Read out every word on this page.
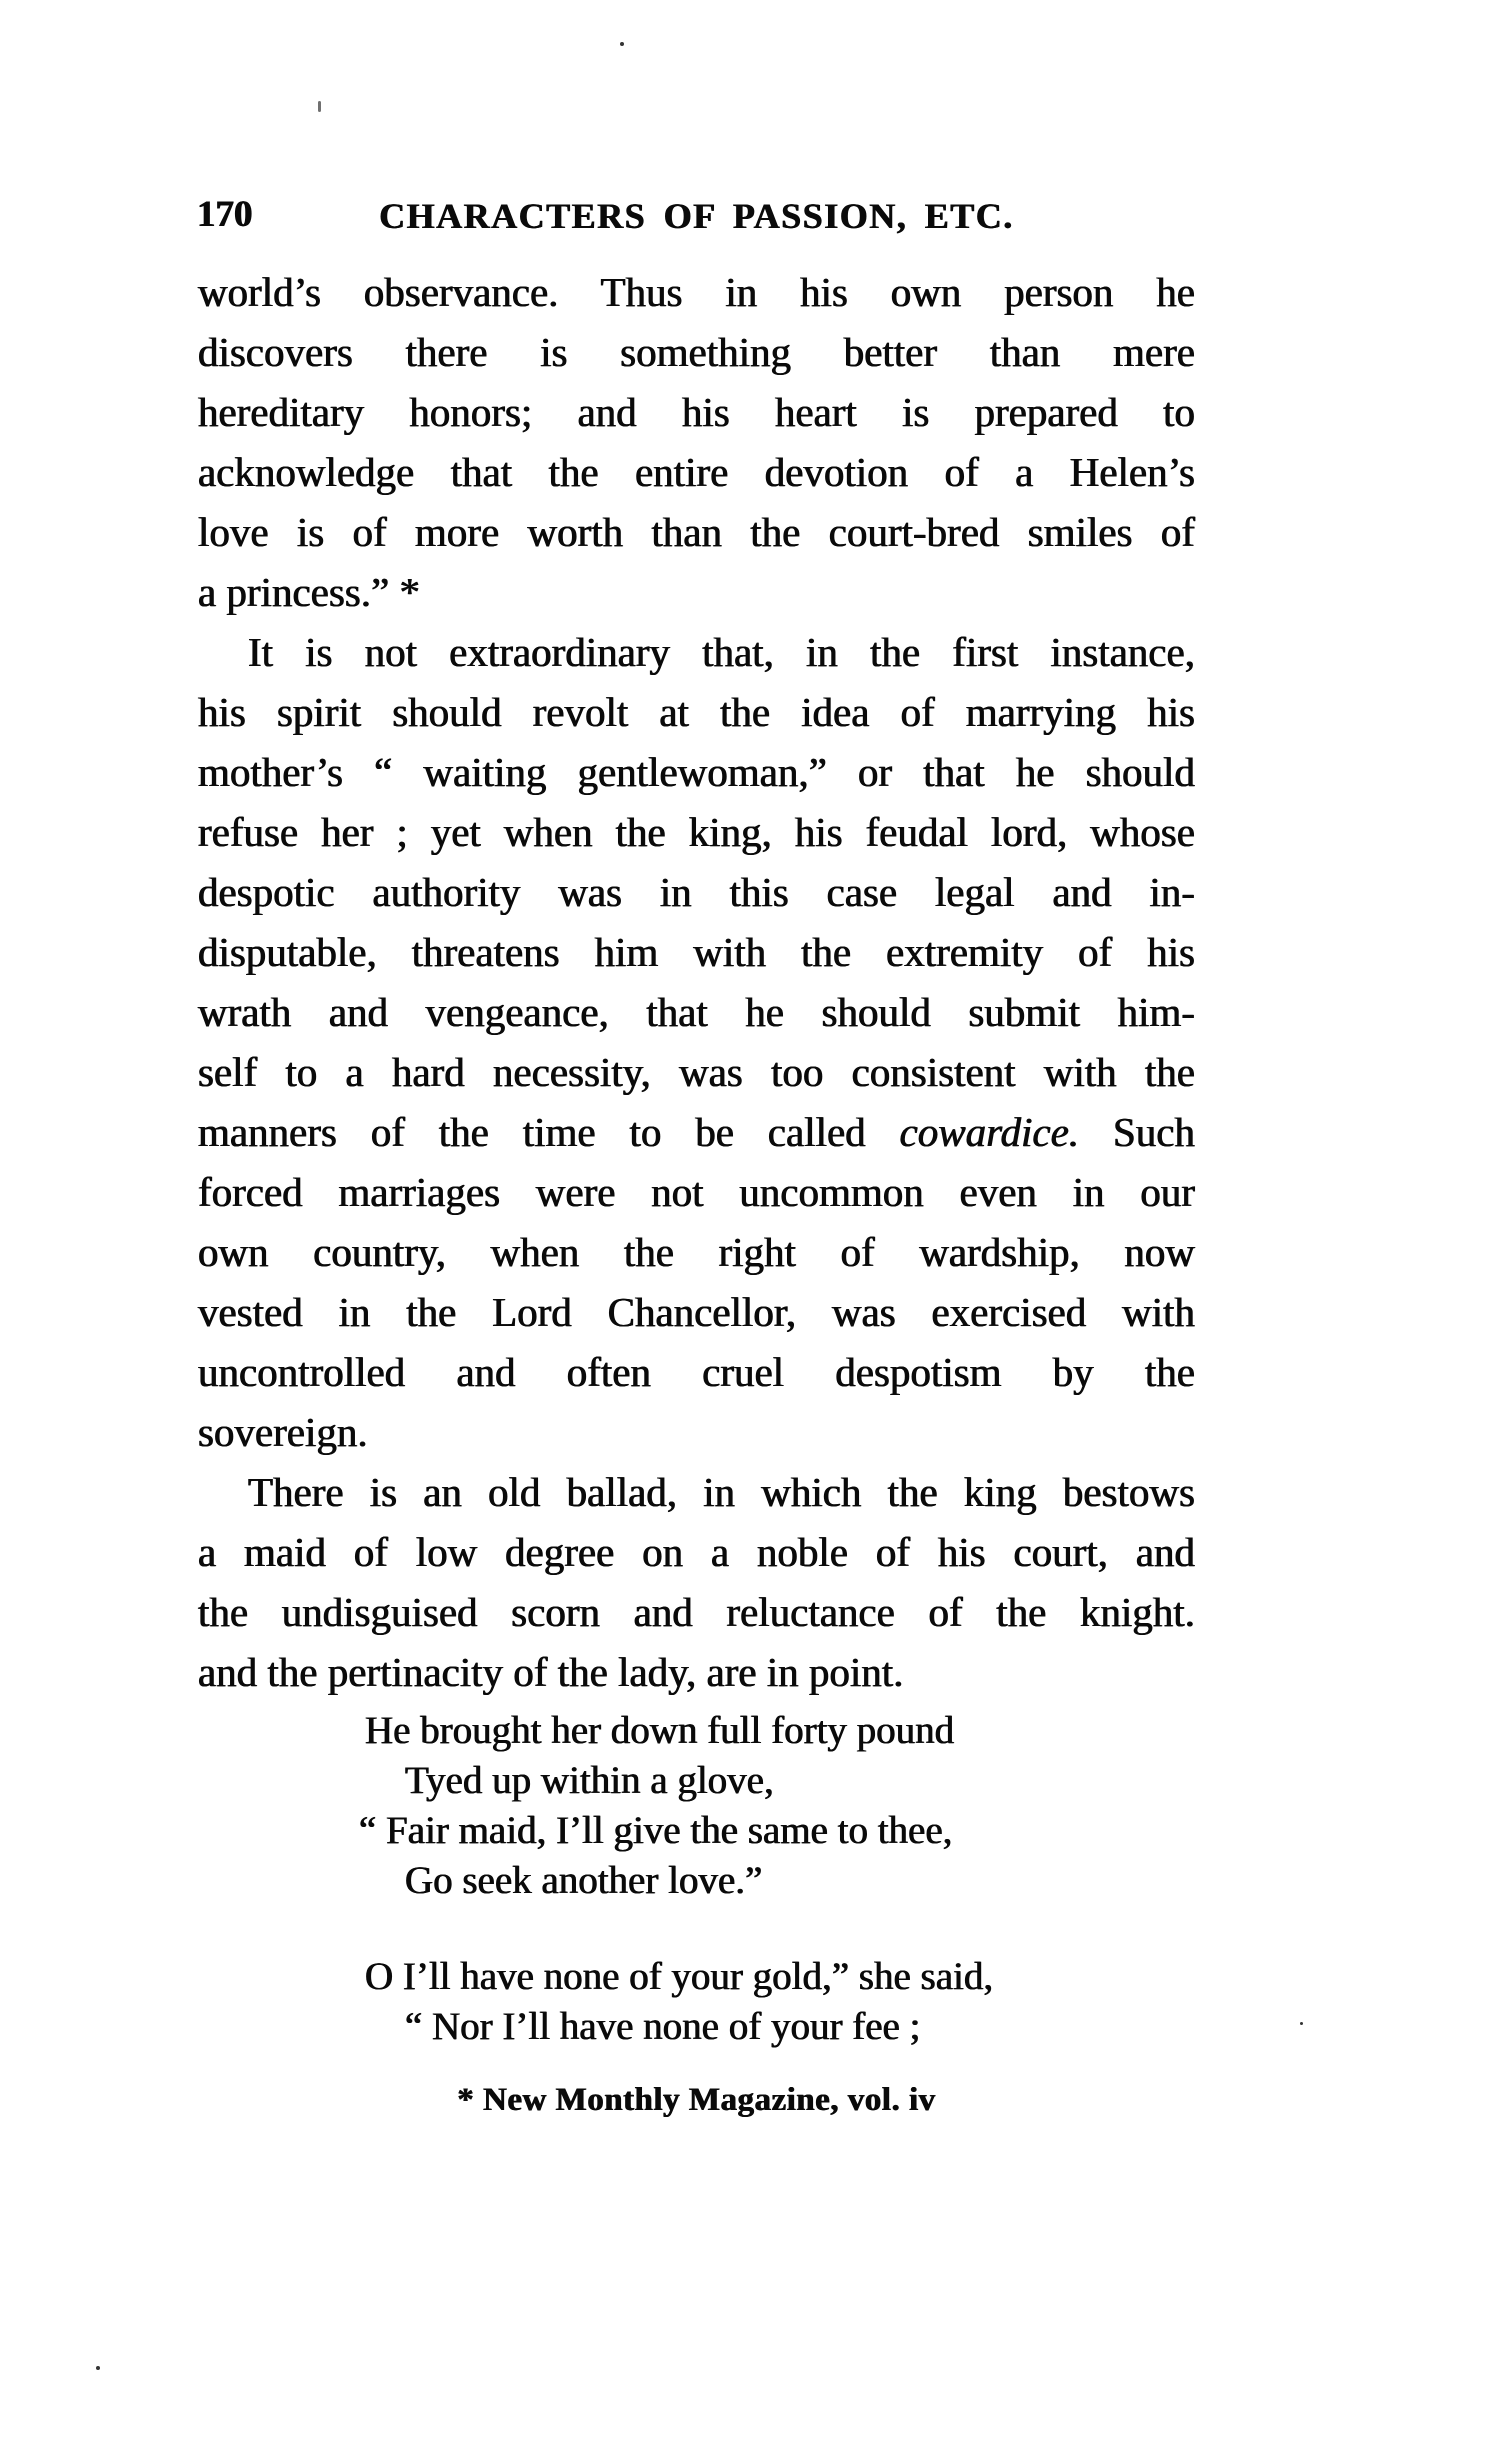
170	CHARACTERS OF PASSION, ETC.
world’s observance. Thus in his own person he
discovers there is something better than mere
hereditary honors; and his heart is prepared to
acknowledge that the entire devotion of a Helen’s
love is of more worth than the court-bred smiles of
a princess.” *
It is not extraordinary that, in the first instance,
his spirit should revolt at the idea of marrying his
mother’s “ waiting gentlewoman,” or that he should
refuse her ; yet when the king, his feudal lord, whose
despotic authority was in this case legal and in-
disputable, threatens him with the extremity of his
wrath and vengeance, that he should submit him-
self to a hard necessity, was too consistent with the
manners of the time to be called cowardice. Such
forced marriages were not uncommon even in our
own country, when the right of wardship, now
vested in the Lord Chancellor, was exercised with
uncontrolled and often cruel despotism by the
sovereign.
There is an old ballad, in which the king bestows
a maid of low degree on a noble of his court, and
the undisguised scorn and reluctance of the knight.
and the pertinacity of the lady, are in point.
He brought her down full forty pound
Tyed up within a glove,
“ Fair maid, I’ll give the same to thee,
Go seek another love.”
O I’ll have none of your gold,” she said,
“ Nor I’ll have none of your fee ;
* New Monthly Magazine, vol. iv
